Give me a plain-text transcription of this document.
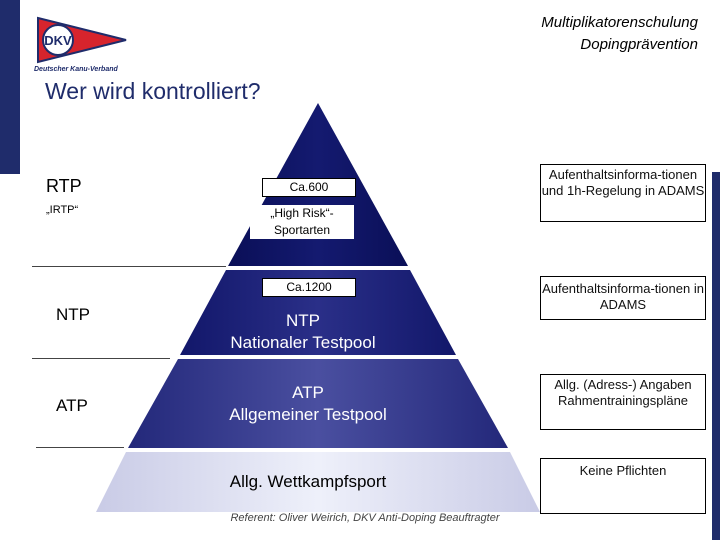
DKV
Deutscher Kanu-Verband
Multiplikatorenschulung
Dopingprävention
Wer wird kontrolliert?
RTP
„IRTP“
NTP
ATP
Ca.600
„High Risk“-Sportarten
Ca.1200
NTP
Nationaler Testpool
ATP
Allgemeiner Testpool
Allg. Wettkampfsport
Aufenthaltsinforma-tionen und 1h-Regelung in ADAMS
Aufenthaltsinforma-tionen in ADAMS
Allg. (Adress-) Angaben Rahmentrainingspläne
Keine Pflichten
Referent: Oliver Weirich, DKV Anti-Doping Beauftragter
